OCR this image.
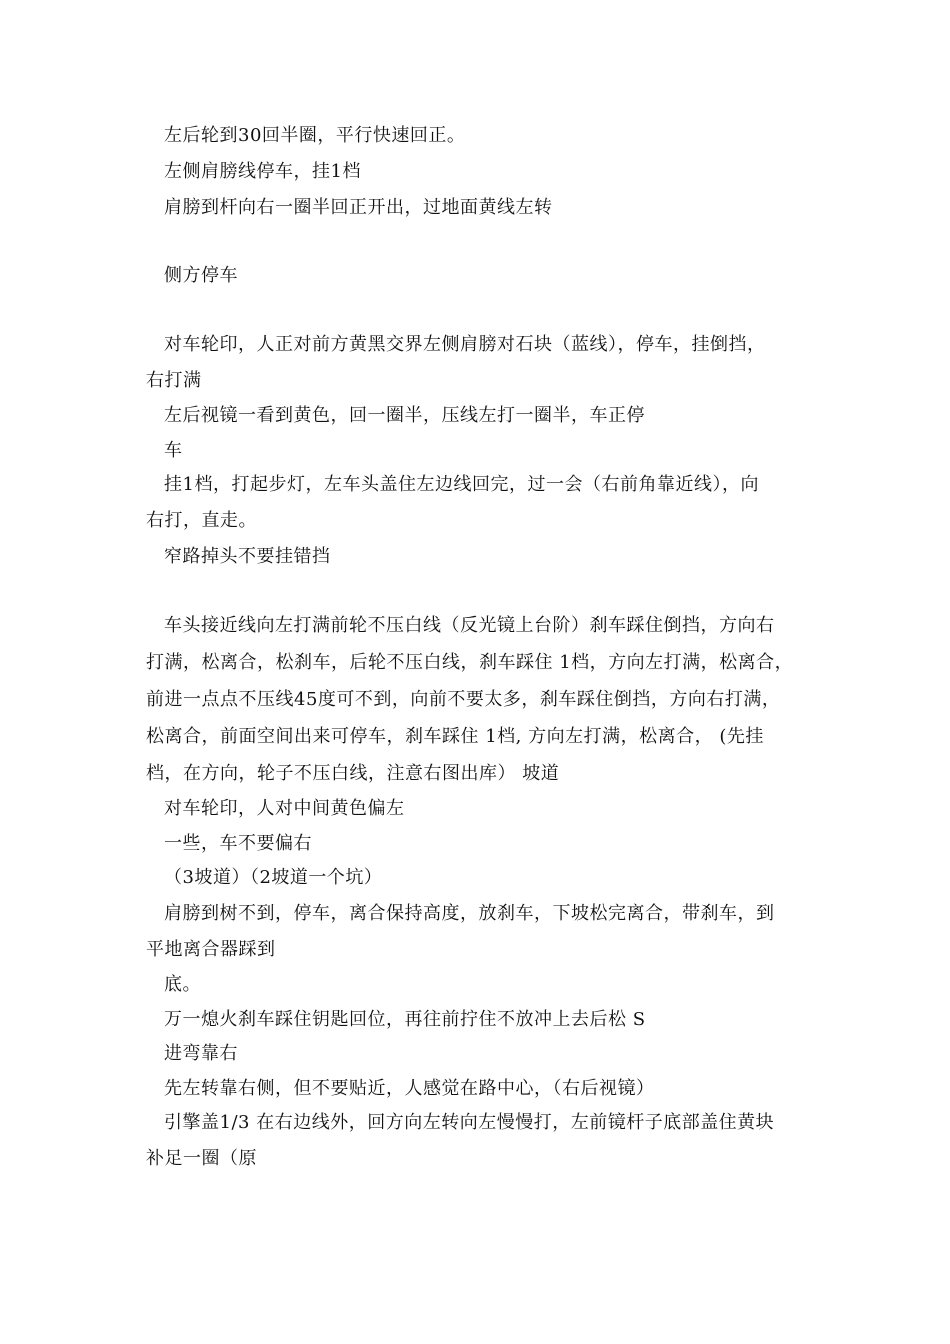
左后轮到30回半圈，平行快速回正。
左侧肩膀线停车，挂1档
肩膀到杆向右一圈半回正开出，过地面黄线左转
侧方停车
对车轮印，人正对前方黄黑交界左侧肩膀对石块（蓝线），停车，挂倒挡，
右打满
左后视镜一看到黄色，回一圈半，压线左打一圈半，车正停
车
挂1档，打起步灯，左车头盖住左边线回完，过一会（右前角靠近线），向
右打，直走。
窄路掉头不要挂错挡
车头接近线向左打满前轮不压白线（反光镜上台阶）刹车踩住倒挡，方向右
打满，松离合，松刹车，后轮不压白线，刹车踩住 1档，方向左打满，松离合，
前进一点点不压线45度可不到，向前不要太多，刹车踩住倒挡，方向右打满，
松离合，前面空间出来可停车，刹车踩住 1档, 方向左打满，松离合， (先挂
档，在方向，轮子不压白线，注意右图出库） 坡道
对车轮印，人对中间黄色偏左
一些，车不要偏右
（3坡道）（2坡道一个坑）
肩膀到树不到，停车，离合保持高度，放刹车，下坡松完离合，带刹车，到
平地离合器踩到
底。
万一熄火刹车踩住钥匙回位，再往前拧住不放冲上去后松 S
进弯靠右
先左转靠右侧，但不要贴近，人感觉在路中心，（右后视镜）
引擎盖1/3 在右边线外，回方向左转向左慢慢打，左前镜杆子底部盖住黄块
补足一圈（原
